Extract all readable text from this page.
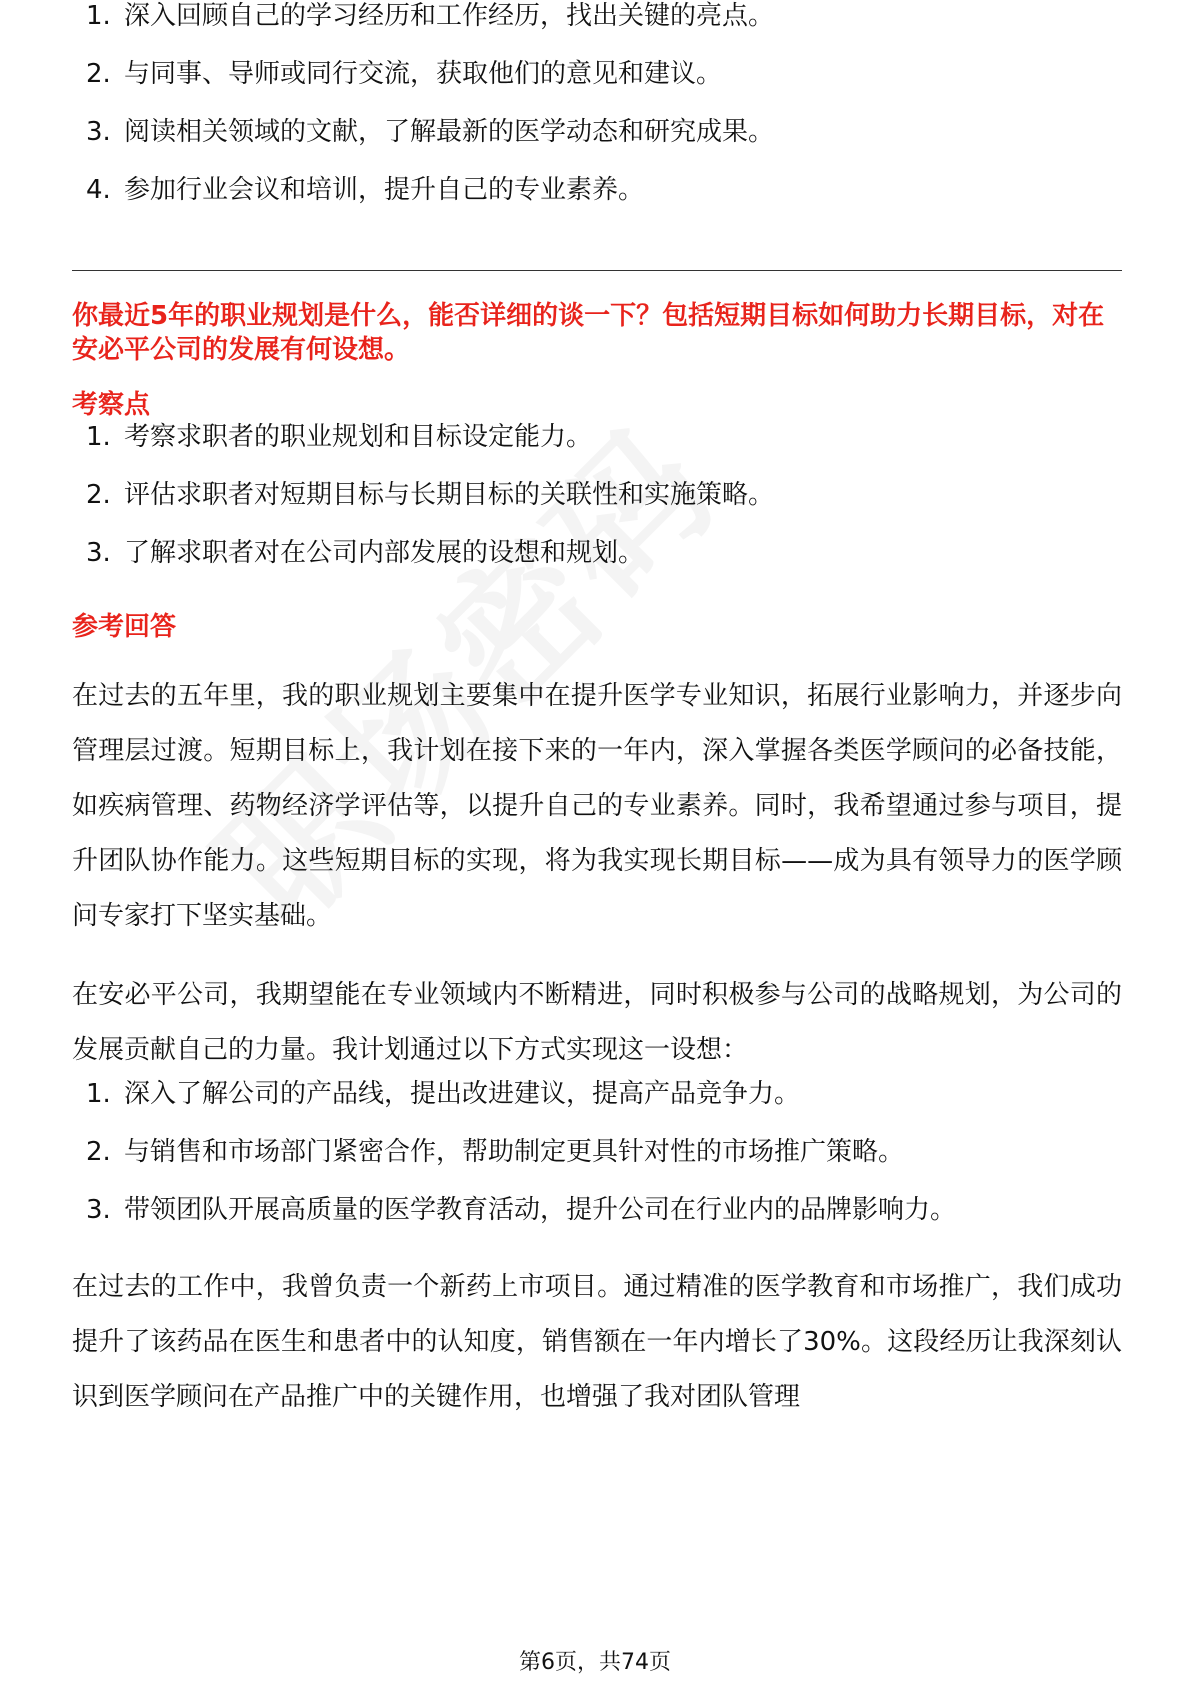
1. 深入回顾自己的学习经历和工作经历，找出关键的亮点。
2. 与同事、导师或同行交流，获取他们的意见和建议。
3. 阅读相关领域的文献，了解最新的医学动态和研究成果。
4. 参加行业会议和培训，提升自己的专业素养。
你最近5年的职业规划是什么，能否详细的谈一下？包括短期目标如何助力长期目标，对在安必平公司的发展有何设想。
考察点
1. 考察求职者的职业规划和目标设定能力。
2. 评估求职者对短期目标与长期目标的关联性和实施策略。
3. 了解求职者对在公司内部发展的设想和规划。
参考回答

在过去的五年里，我的职业规划主要集中在提升医学专业知识，拓展行业影响力，并逐步向管理层过渡。短期目标上，我计划在接下来的一年内，深入掌握各类医学顾问的必备技能，如疾病管理、药物经济学评估等，以提升自己的专业素养。同时，我希望通过参与项目，提升团队协作能力。这些短期目标的实现，将为我实现长期目标——成为具有领导力的医学顾问专家打下坚实基础。

在安必平公司，我期望能在专业领域内不断精进，同时积极参与公司的战略规划，为公司的发展贡献自己的力量。我计划通过以下方式实现这一设想：

1. 深入了解公司的产品线，提出改进建议，提高产品竞争力。
2. 与销售和市场部门紧密合作，帮助制定更具针对性的市场推广策略。
3. 带领团队开展高质量的医学教育活动，提升公司在行业内的品牌影响力。

在过去的工作中，我曾负责一个新药上市项目。通过精准的医学教育和市场推广，我们成功提升了该药品在医生和患者中的认知度，销售额在一年内增长了30%。这段经历让我深刻认识到医学顾问在产品推广中的关键作用，也增强了我对团队管理

第6页，共74页
